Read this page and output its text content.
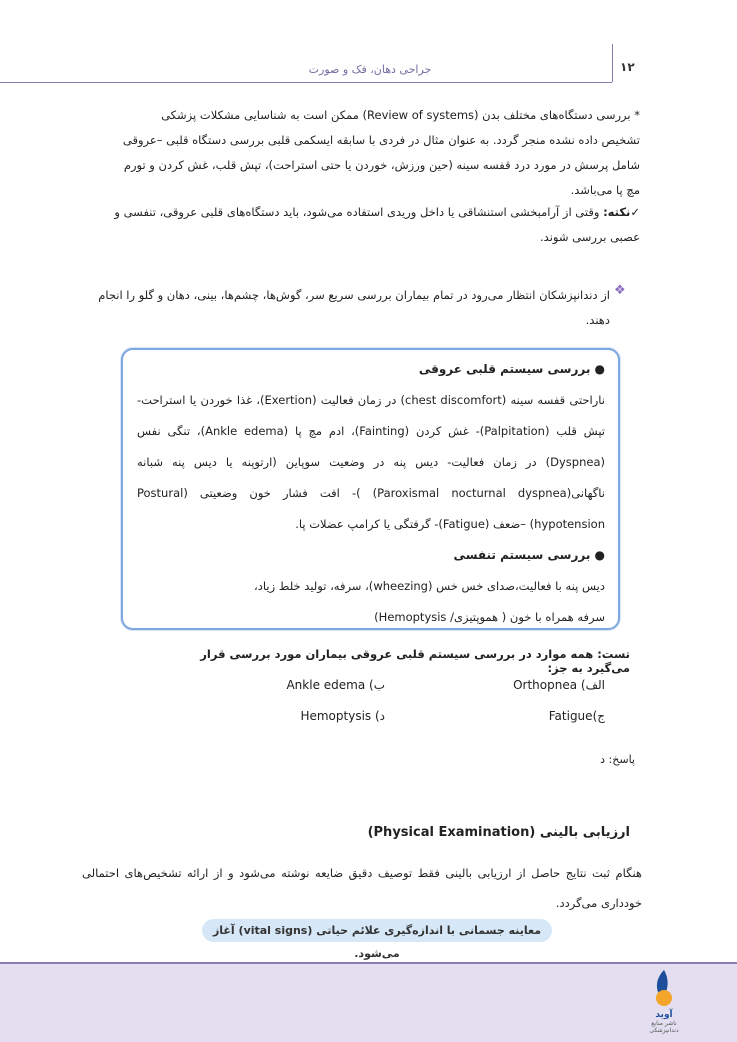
جراحی دهان، فک و صورت	۱۲
* بررسی دستگاه‌های مختلف بدن (Review of systems) ممکن است به شناسایی مشکلات پزشکی تشخیص داده نشده منجر گردد. به عنوان مثال در فردی با سابقه ایسکمی قلبی بررسی دستگاه قلبی –عروقی شامل پرسش در مورد درد قفسه سینه (حین ورزش، خوردن یا حتی استراحت)، تپش قلب، غش کردن و تورم مچ پا می‌باشد.
✓نکته: وقتی از آرامبخشی استنشاقی یا داخل وریدی استفاده می‌شود، باید دستگاه‌های قلبی عروقی، تنفسی و عصبی بررسی شوند.
❖
از دندانپزشکان انتظار می‌رود در تمام بیماران بررسی سریع سر، گوش‌ها، چشم‌ها، بینی، دهان و گلو را انجام دهند.
● بررسی سیستم قلبی عروقی
ناراحتی قفسه سینه (chest discomfort) در زمان فعالیت (Exertion)، غذا خوردن یا استراحت- تپش قلب (Palpitation)- غش کردن (Fainting)، ادم مچ پا (Ankle edema)، تنگی نفس (Dyspnea) در زمان فعالیت- دیس پنه در وضعیت سوپاین (ارتوپنه یا دیس پنه شبانه ناگهانی(Paroxismal nocturnal dyspnea) )- افت فشار خون وضعیتی (Postural hypotension) –ضعف (Fatigue)- گرفتگی یا کرامپ عضلات پا.
● بررسی سیستم تنفسی
دیس پنه با فعالیت،صدای خس خس (wheezing)، سرفه، تولید خلط زیاد،
سرفه همراه با خون ( هموپتیزی/ Hemoptysis)
تست: همه موارد در بررسی سیستم قلبی عروقی بیماران مورد بررسی قرار می‌گیرد به جز:
الف) Orthopnea
ب) Ankle edema
ج)Fatigue
د) Hemoptysis
پاسخ: د
ارزیابی بالینی (Physical Examination)
هنگام ثبت نتایج حاصل از ارزیابی بالینی فقط توصیف دقیق ضایعه نوشته می‌شود و از ارائه تشخیص‌های احتمالی خودداری می‌گردد.
معاینه جسمانی با اندازه‌گیری علائم حیاتی (vital signs) آغاز می‌شود.
آوید
ناشر منابع دندانپزشکی
